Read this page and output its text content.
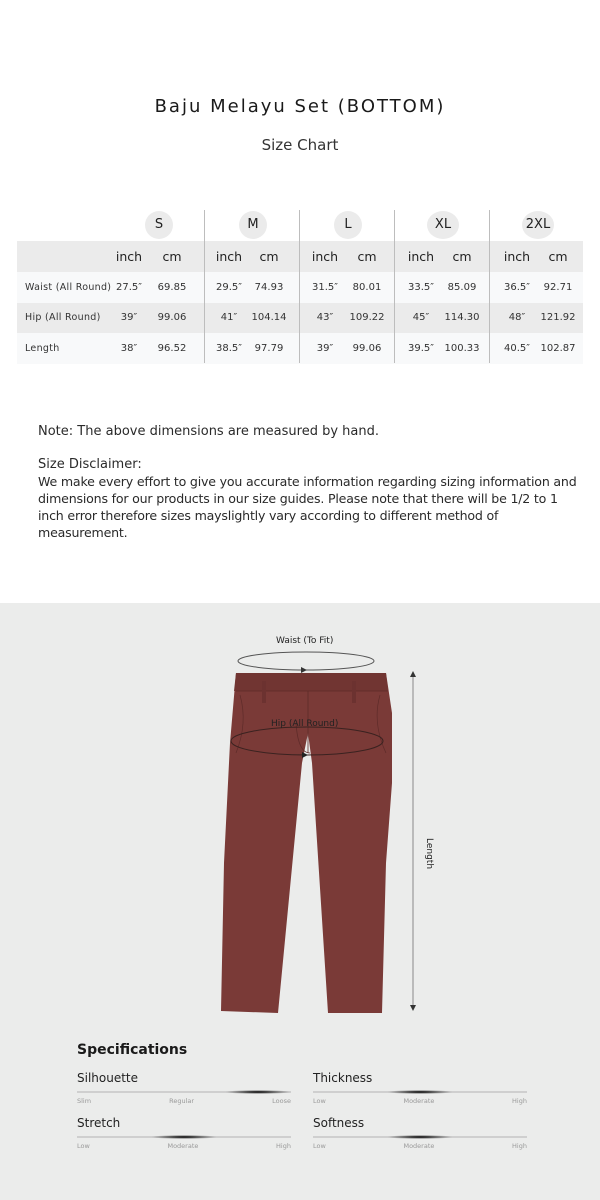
Baju Melayu Set (BOTTOM)
Size Chart
S	M	L	XL	2XL
inch	cm	inch	cm	inch	cm	inch	cm	inch	cm
Waist (All Round) 27.5″	69.85	29.5″	74.93	31.5″	80.01	33.5″	85.09	36.5″	92.71
Hip (All Round)	39″	99.06	41″	104.14	43″	109.22	45″	114.30	48″	121.92
Length	38″	96.52	38.5″	97.79	39″	99.06	39.5″	100.33 40.5″	102.87
Note: The above dimensions are measured by hand.
Size Disclaimer:
We make every effort to give you accurate information regarding sizing information and dimensions for our products in our size guides. Please note that there will be 1/2 to 1 inch error therefore sizes mayslightly vary according to different method of measurement.
Waist (To Fit)
Hip (All Round)
Length
Specifications
Silhouette
Slim	Regular	Loose
Thickness
Low	Moderate	High
Stretch
Low	Moderate	High
Softness
Low	Moderate	High
